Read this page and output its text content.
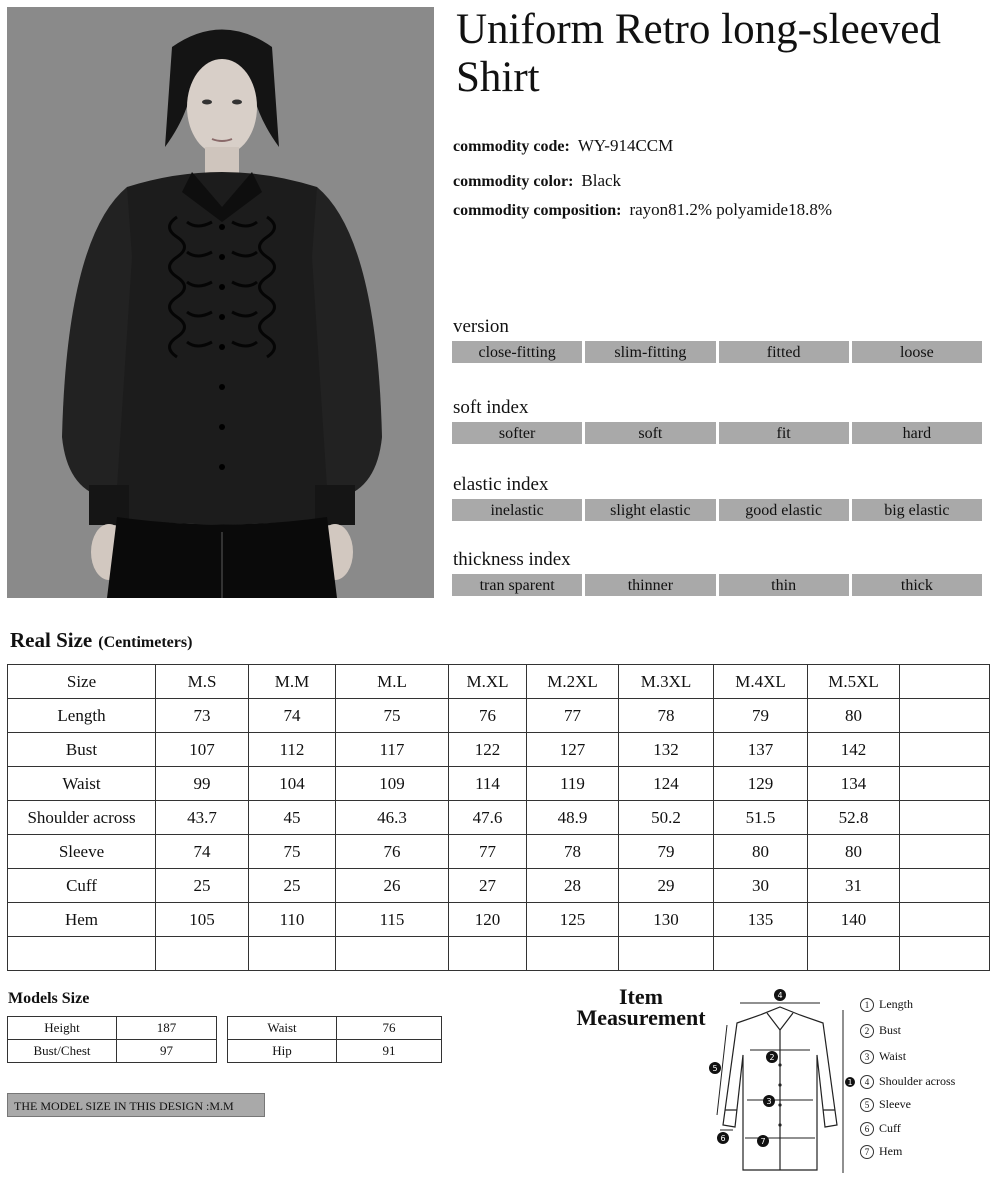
Uniform Retro long-sleeved Shirt
commodity code: WY-914CCM
commodity color: Black
commodity composition: rayon81.2% polyamide18.8%
version
close-fitting	slim-fitting	fitted	loose
soft index
softer	soft	fit	hard
elastic index
inelastic	slight elastic	good elastic	big elastic
thickness index
tran sparent	thinner	thin	thick
Real Size (Centimeters)
Size	M.S	M.M	M.L	M.XL	M.2XL	M.3XL	M.4XL	M.5XL	
Length	73	74	75	76	77	78	79	80	
Bust	107	112	117	122	127	132	137	142	
Waist	99	104	109	114	119	124	129	134	
Shoulder across	43.7	45	46.3	47.6	48.9	50.2	51.5	52.8	
Sleeve	74	75	76	77	78	79	80	80	
Cuff	25	25	26	27	28	29	30	31	
Hem	105	110	115	120	125	130	135	140	

Models Size
Height	187
Bust/Chest	97
Waist	76
Hip	91
THE MODEL SIZE IN THIS DESIGN :M.M
Item
Measurement
4
2
3
7
6
5
1
1 Length
2 Bust
3 Waist
4 Shoulder across
5 Sleeve
6 Cuff
7 Hem
